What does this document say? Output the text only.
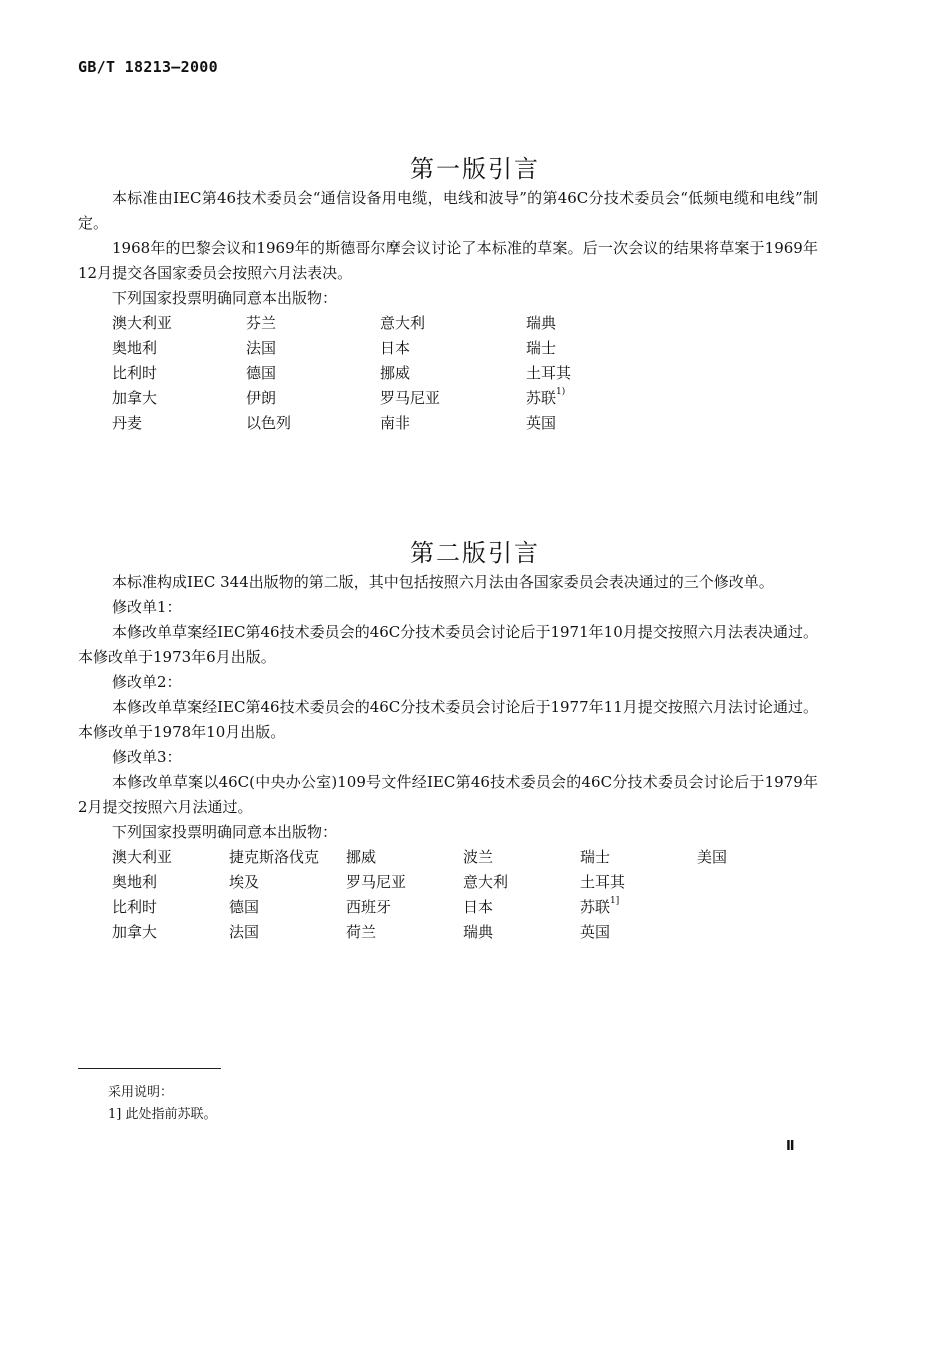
GB/T 18213—2000
第一版引言

本标准由IEC第46技术委员会“通信设备用电缆，电线和波导”的第46C分技术委员会“低频电缆和电线”制定。

1968年的巴黎会议和1969年的斯德哥尔摩会议讨论了本标准的草案。后一次会议的结果将草案于1969年12月提交各国家委员会按照六月法表决。

下列国家投票明确同意本出版物：

澳大利亚	芬兰	意大利	瑞典
奥地利	法国	日本	瑞士
比利时	德国	挪威	土耳其
加拿大	伊朗	罗马尼亚	苏联$^{1)}$
丹麦	以色列	南非	英国
第二版引言

本标准构成IEC 344出版物的第二版，其中包括按照六月法由各国家委员会表决通过的三个修改单。

修改单1：

本修改单草案经IEC第46技术委员会的46C分技术委员会讨论后于1971年10月提交按照六月法表决通过。本修改单于1973年6月出版。

修改单2：

本修改单草案经IEC第46技术委员会的46C分技术委员会讨论后于1977年11月提交按照六月法讨论通过。本修改单于1978年10月出版。

修改单3：

本修改单草案以46C(中央办公室)109号文件经IEC第46技术委员会的46C分技术委员会讨论后于1979年2月提交按照六月法通过。

下列国家投票明确同意本出版物：

澳大利亚	捷克斯洛伐克	挪威	波兰	瑞士	美国
奥地利	埃及	罗马尼亚	意大利	土耳其
比利时	德国	西班牙	日本	苏联$^{1]}$
加拿大	法国	荷兰	瑞典	英国
采用说明：
1] 此处指前苏联。
Ⅱ
